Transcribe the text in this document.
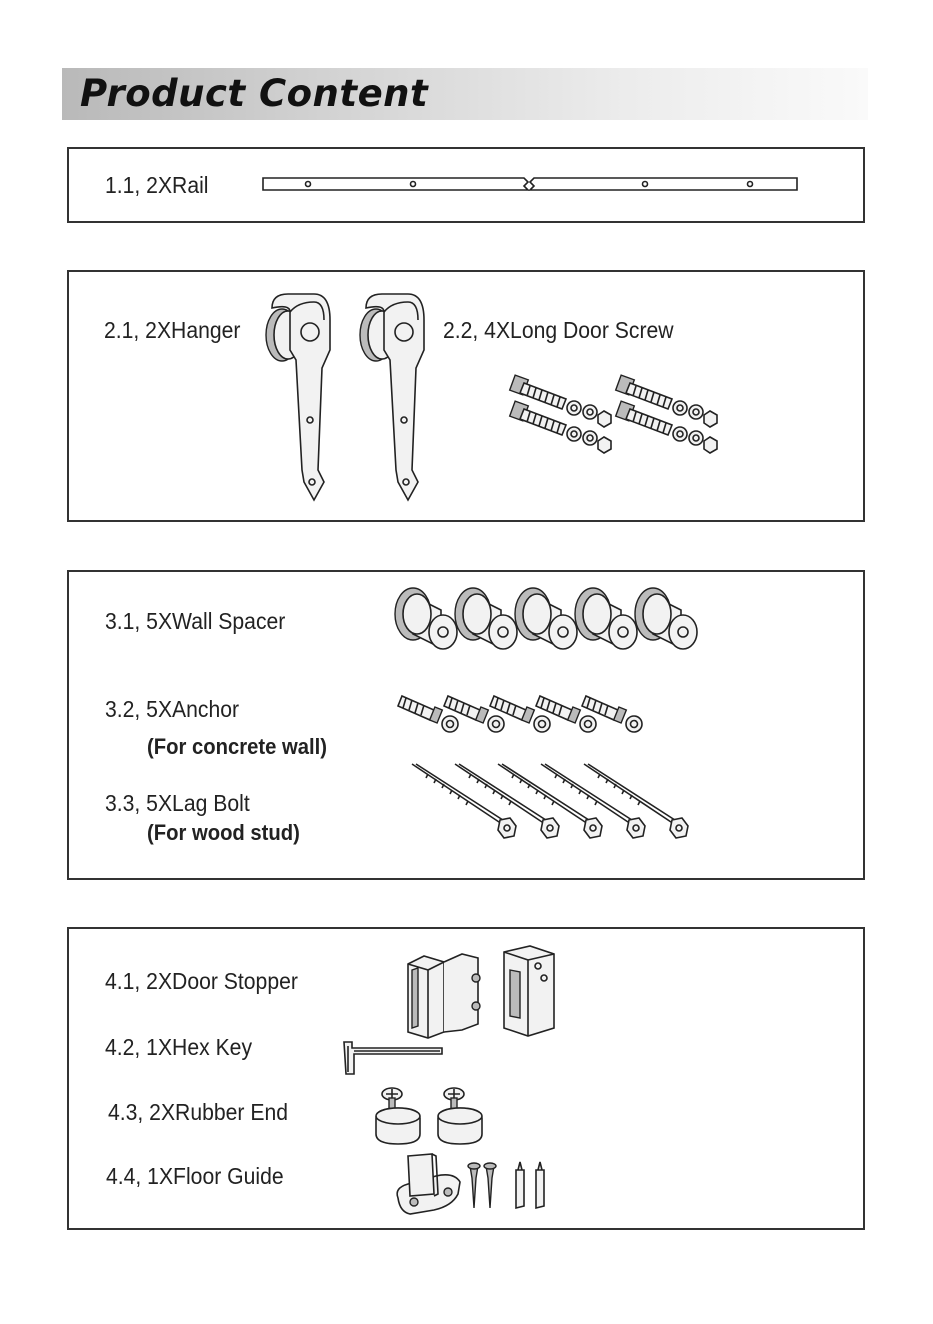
Product Content
1.1, 2XRail
2.1, 2XHanger	2.2, 4XLong Door Screw
3.1, 5XWall Spacer
3.2, 5XAnchor
(For concrete wall)
3.3, 5XLag Bolt
(For wood stud)
4.1, 2XDoor Stopper
4.2, 1XHex Key
4.3, 2XRubber End
4.4, 1XFloor Guide
